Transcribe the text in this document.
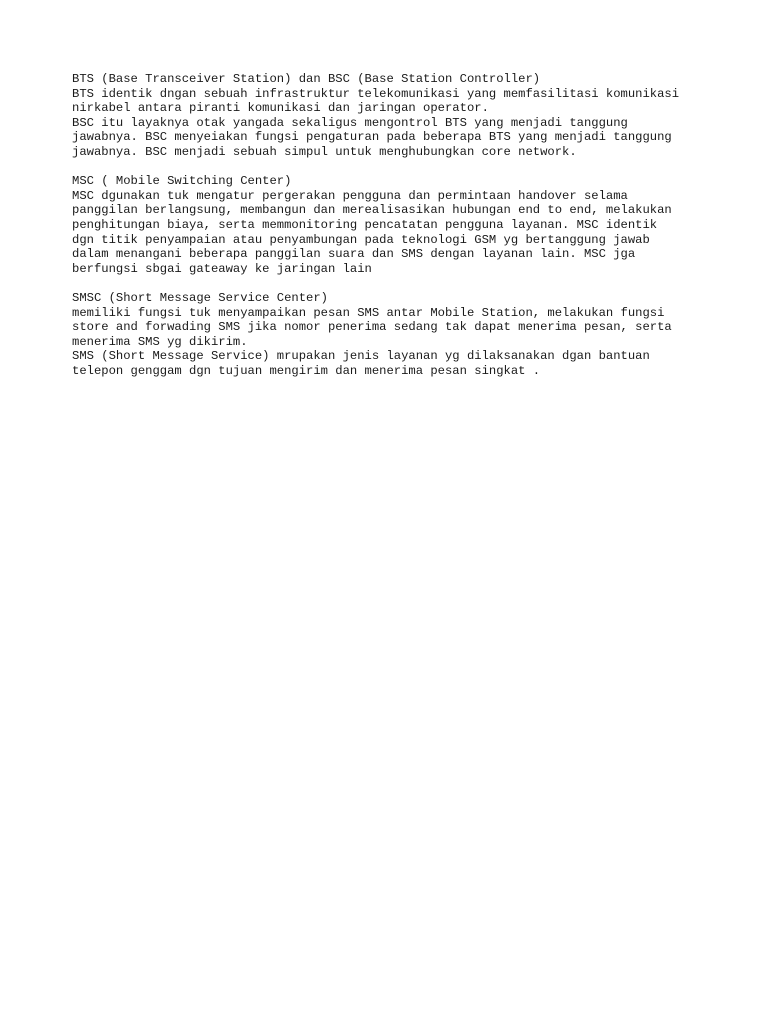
BTS (Base Transceiver Station) dan BSC (Base Station Controller)
BTS identik dngan sebuah infrastruktur telekomunikasi yang memfasilitasi komunikasi
nirkabel antara piranti komunikasi dan jaringan operator.
BSC itu layaknya otak yangada sekaligus mengontrol BTS yang menjadi tanggung
jawabnya. BSC menyeiakan fungsi pengaturan pada beberapa BTS yang menjadi tanggung
jawabnya. BSC menjadi sebuah simpul untuk menghubungkan core network.
MSC ( Mobile Switching Center)
MSC dgunakan tuk mengatur pergerakan pengguna dan permintaan handover selama
panggilan berlangsung, membangun dan merealisasikan hubungan end to end, melakukan
penghitungan biaya, serta memmonitoring pencatatan pengguna layanan. MSC identik
dgn titik penyampaian atau penyambungan pada teknologi GSM yg bertanggung jawab
dalam menangani beberapa panggilan suara dan SMS dengan layanan lain. MSC jga
berfungsi sbgai gateaway ke jaringan lain
SMSC (Short Message Service Center)
memiliki fungsi tuk menyampaikan pesan SMS antar Mobile Station, melakukan fungsi
store and forwading SMS jika nomor penerima sedang tak dapat menerima pesan, serta
menerima SMS yg dikirim.
SMS (Short Message Service) mrupakan jenis layanan yg dilaksanakan dgan bantuan
telepon genggam dgn tujuan mengirim dan menerima pesan singkat .
